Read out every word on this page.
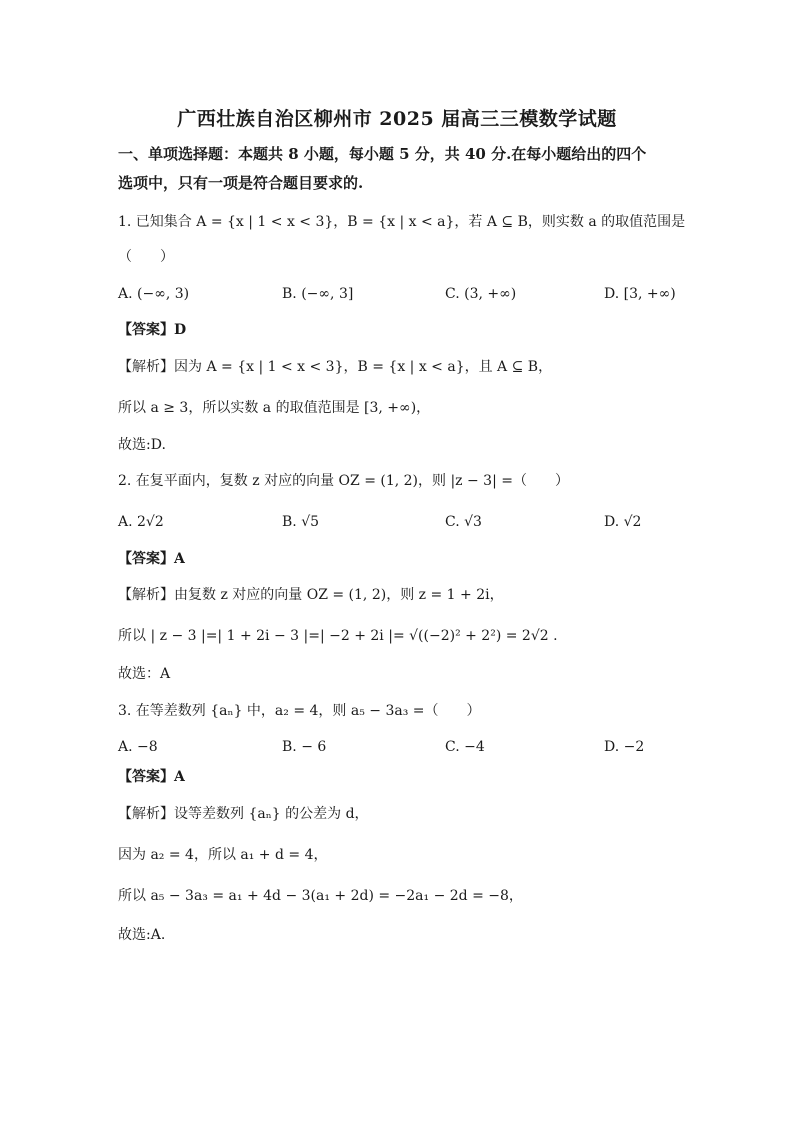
广西壮族自治区柳州市 2025 届高三三模数学试题
一、单项选择题：本题共 8 小题，每小题 5 分，共 40 分.在每小题给出的四个
选项中，只有一项是符合题目要求的.
1. 已知集合 A = {x | 1 < x < 3}，B = {x | x < a}，若 A ⊆ B，则实数 a 的取值范围是
（　　）
A. (−∞, 3)	B. (−∞, 3]	C. (3, +∞)	D. [3, +∞)
【答案】D
【解析】因为 A = {x | 1 < x < 3}，B = {x | x < a}，且 A ⊆ B，
所以 a ≥ 3，所以实数 a 的取值范围是 [3, +∞)，
故选:D.
2. 在复平面内，复数 z 对应的向量 OZ = (1, 2)，则 |z − 3| =（　　）
A. 2√2	B. √5	C. √3	D. √2
【答案】A
【解析】由复数 z 对应的向量 OZ = (1, 2)，则 z = 1 + 2i，
所以 | z − 3 |=| 1 + 2i − 3 |=| −2 + 2i |= √((−2)² + 2²) = 2√2 .
故选：A
3. 在等差数列 {aₙ} 中，a₂ = 4，则 a₅ − 3a₃ =（　　）
A. −8	B. − 6	C. −4	D. −2
【答案】A
【解析】设等差数列 {aₙ} 的公差为 d，
因为 a₂ = 4，所以 a₁ + d = 4，
所以 a₅ − 3a₃ = a₁ + 4d − 3(a₁ + 2d) = −2a₁ − 2d = −8，
故选:A.
